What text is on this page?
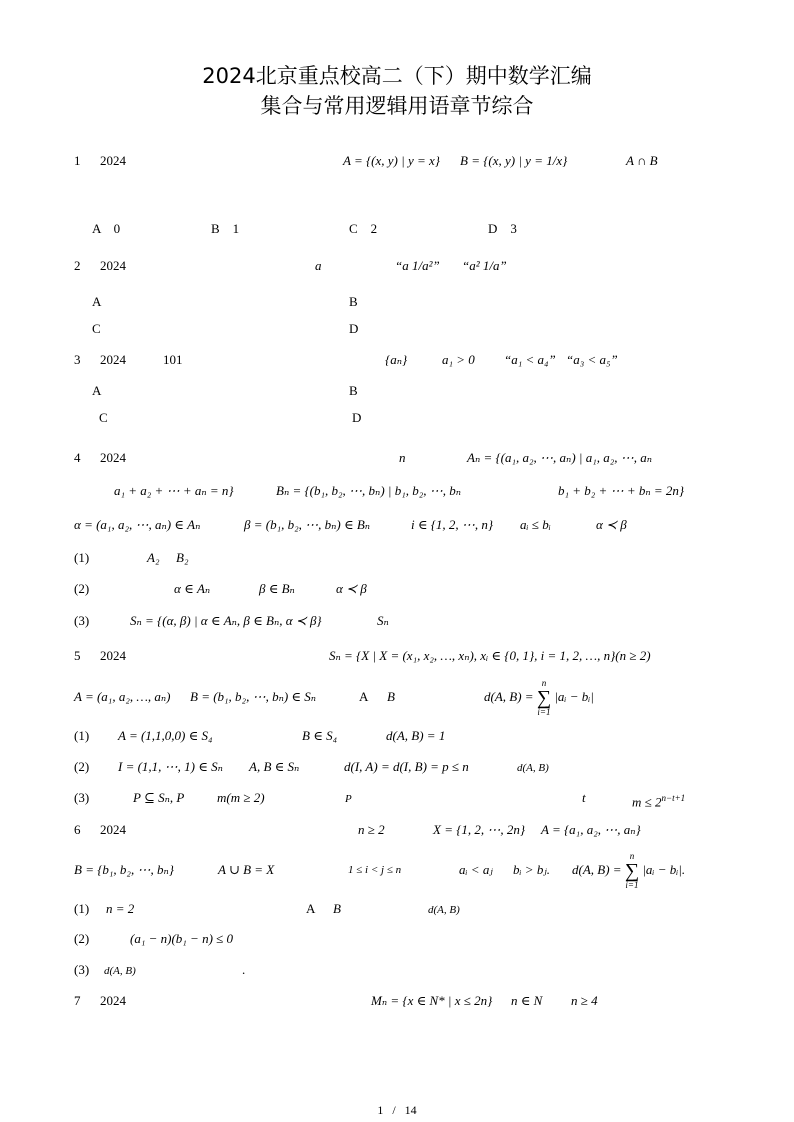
2024北京重点校高二（下）期中数学汇编
集合与常用逻辑用语章节综合
1 2024	A = {(x, y) | y = x} B = {(x, y) | y = 1/x}	A ∩ B
A　0	B　1	C　2	D　3
2 2024	a	“a 1/a²” “a² 1/a”
A	B
C	D
3 2024	101	{aₙ}	a₁ > 0 “a₁ < a₄” “a₃ < a₅”
A	B
C	D
4 2024	n	Aₙ = {(a₁, a₂, ⋯, aₙ) | a₁, a₂, ⋯, aₙ
a₁ + a₂ + ⋯ + aₙ = n}	Bₙ = {(b₁, b₂, ⋯, bₙ) | b₁, b₂, ⋯, bₙ	b₁ + b₂ + ⋯ + bₙ = 2n}
α = (a₁, a₂, ⋯, aₙ) ∈ Aₙ	β = (b₁, b₂, ⋯, bₙ) ∈ Bₙ	i ∈ {1, 2, ⋯, n} aᵢ ≤ bᵢ	α ≺ β
(1)	A₂ B₂
(2)	α ∈ Aₙ	β ∈ Bₙ	α ≺ β
(3)	Sₙ = {(α, β) | α ∈ Aₙ, β ∈ Bₙ, α ≺ β}	Sₙ
5 2024	Sₙ = {X | X = (x₁, x₂, …, xₙ), xᵢ ∈ {0, 1}, i = 1, 2, …, n}(n ≥ 2)
A = (a₁, a₂, …, aₙ) B = (b₁, b₂, ⋯, bₙ) ∈ Sₙ	A B	d(A, B) =
n
∑
i=1
|aᵢ − bᵢ|
(1) A = (1,1,0,0) ∈ S₄	B ∈ S₄	d(A, B) = 1
(2) I = (1,1, ⋯, 1) ∈ Sₙ A, B ∈ Sₙ	d(I, A) = d(I, B) = p ≤ n	d(A, B)
(3)	P ⊆ Sₙ, P	m(m ≥ 2)	P	t	$m \le 2^{n-t+1}$
6 2024	n ≥ 2	X = {1, 2, ⋯, 2n} A = {a₁, a₂, ⋯, aₙ}
B = {b₁, b₂, ⋯, bₙ}	A ∪ B = X	1 ≤ i < j ≤ n	aᵢ < aⱼ bᵢ > bⱼ. d(A, B) =
n
∑
i=1
|aᵢ − bᵢ|.
(1) n = 2	A B	d(A, B)
(2)	(a₁ − n)(b₁ − n) ≤ 0
(3) d(A, B)	.
7 2024	Mₙ = {x ∈ N* | x ≤ 2n} n ∈ N n ≥ 4
1 / 14
